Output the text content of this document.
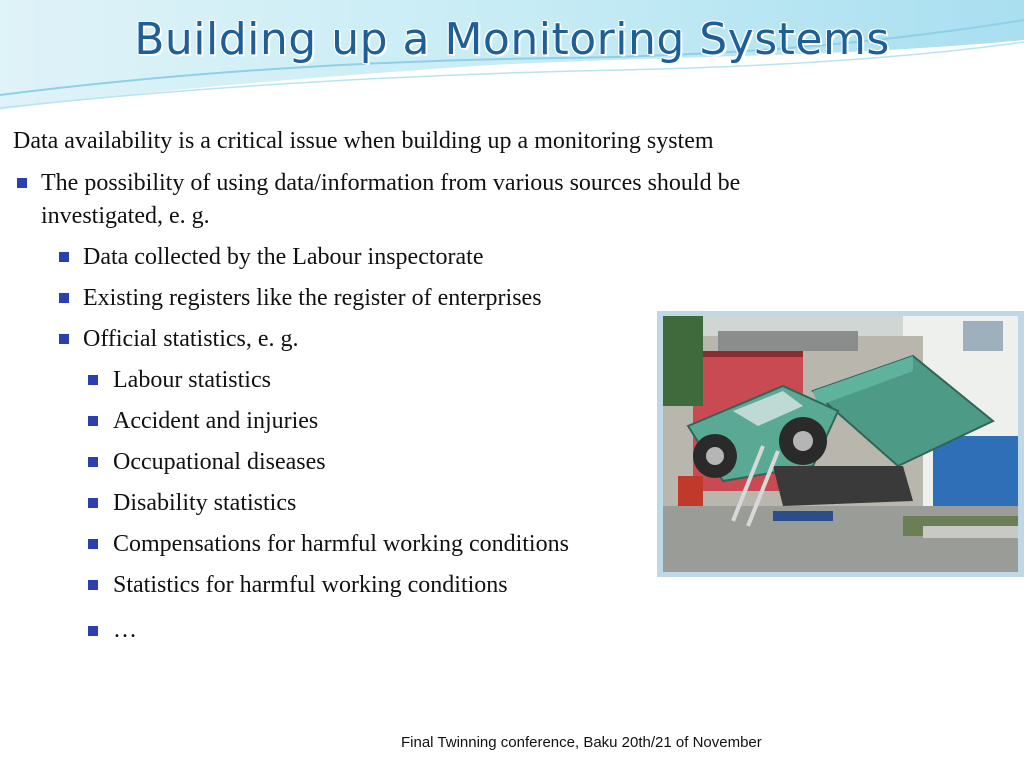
Building up a Monitoring Systems
Data availability is a critical issue when building up a monitoring system
The possibility of using data/information from various sources should be
investigated, e. g.
Data collected by the Labour inspectorate
Existing registers like the register of enterprises
Official statistics, e. g.
Labour statistics
Accident and injuries
Occupational diseases
Disability statistics
Compensations for harmful working conditions
Statistics for harmful working conditions
…
Final Twinning conference, Baku 20th/21 of November
